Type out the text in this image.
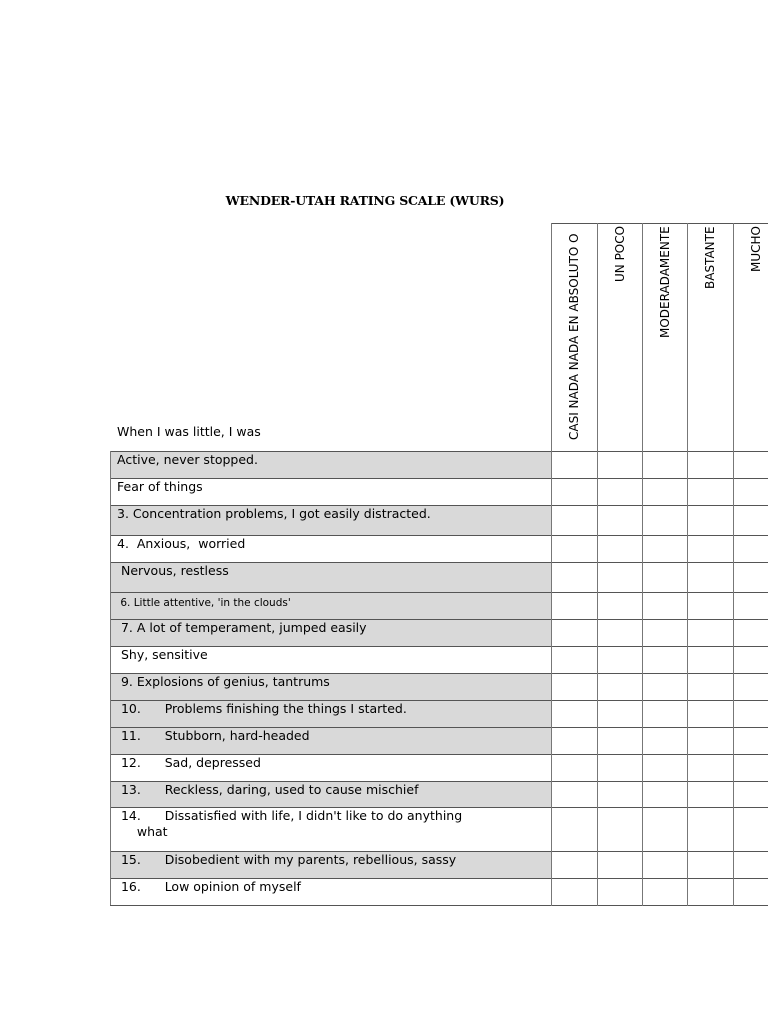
WENDER-UTAH RATING SCALE (WURS)
When I was little, I was
Active, never stopped.
Fear of things
3. Concentration problems, I got easily distracted.
4.  Anxious,  worried
Nervous, restless
6. Little attentive, 'in the clouds'
7. A lot of temperament, jumped easily
Shy, sensitive
9. Explosions of genius, tantrums
10.      Problems finishing the things I started.
11.      Stubborn, hard-headed
12.      Sad, depressed
13.      Reckless, daring, used to cause mischief
14.      Dissatisfied with life, I didn't like to do anything
what
15.      Disobedient with my parents, rebellious, sassy
16.      Low opinion of myself
CASI NADA NADA EN ABSOLUTO O	UN POCO	MODERADAMENTE	BASTANTE	MUCHO
